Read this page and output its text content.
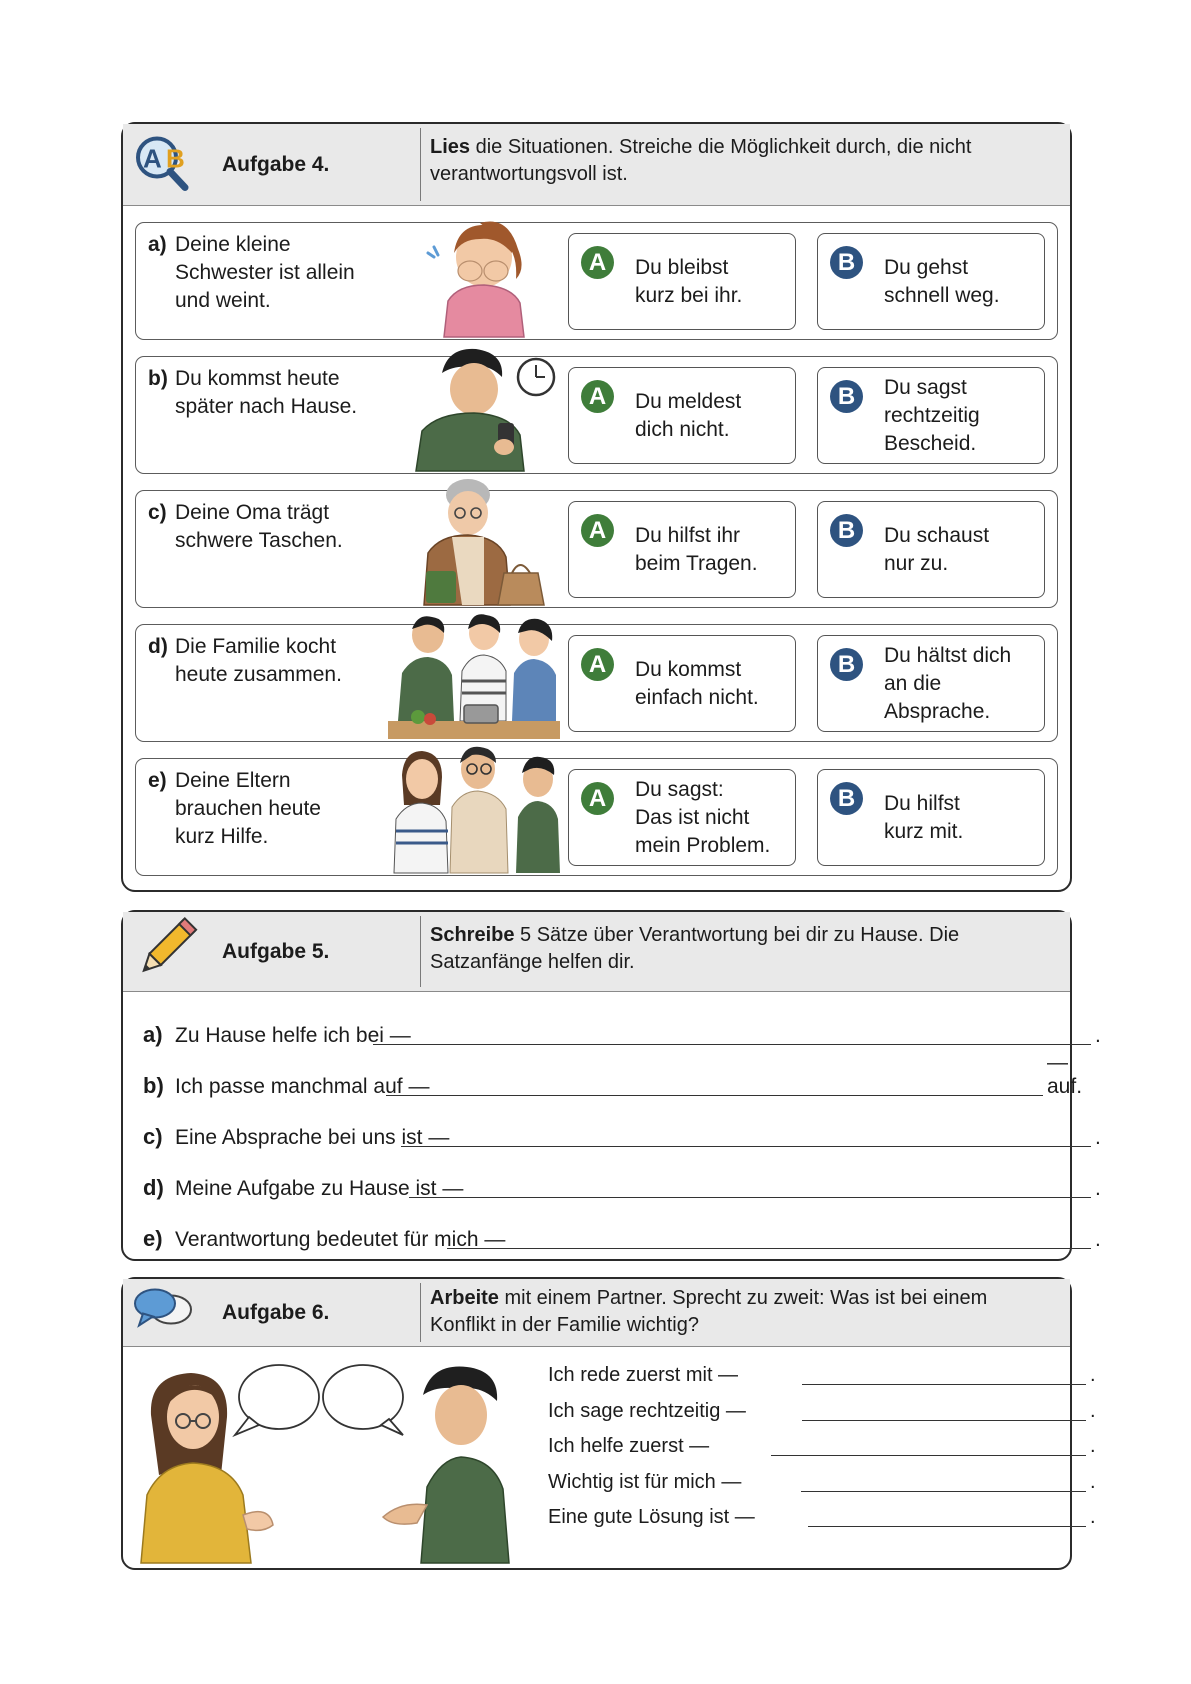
A B Aufgabe 4.
Lies die Situationen. Streiche die Möglichkeit durch, die nicht verantwortungsvoll ist.
a) Deine kleine
Schwester ist allein
und weint.
A	Du bleibst
kurz bei ihr.
B	Du gehst
schnell weg.
b) Du kommst heute
später nach Hause.	A	Du meldest
dich nicht.
B	Du sagst
rechtzeitig
Bescheid.
c) Deine Oma trägt
schwere Taschen.	A	Du hilfst ihr
beim Tragen.
B	Du schaust
nur zu.
d) Die Familie kocht
heute zusammen.	A	Du kommst
einfach nicht.
B	Du hältst dich
an die Absprache.
e) Deine Eltern
brauchen heute
kurz Hilfe.
A	Du sagst:
Das ist nicht
mein Problem.
B	Du hilfst
kurz mit.
Aufgabe 5.
Schreibe 5 Sätze über Verantwortung bei dir zu Hause. Die Satzanfänge helfen dir.
a) Zu Hause helfe ich bei —	.
b) Ich passe manchmal auf —
— auf.
c) Eine Absprache bei uns ist —	.
d) Meine Aufgabe zu Hause ist —	.
e) Verantwortung bedeutet für mich —	.
Aufgabe 6.
Arbeite mit einem Partner. Sprecht zu zweit: Was ist bei einem Konflikt in der Familie wichtig?
Ich rede zuerst mit —	.
Ich sage rechtzeitig —	.
Ich helfe zuerst —	.
Wichtig ist für mich —	.
Eine gute Lösung ist —	.
